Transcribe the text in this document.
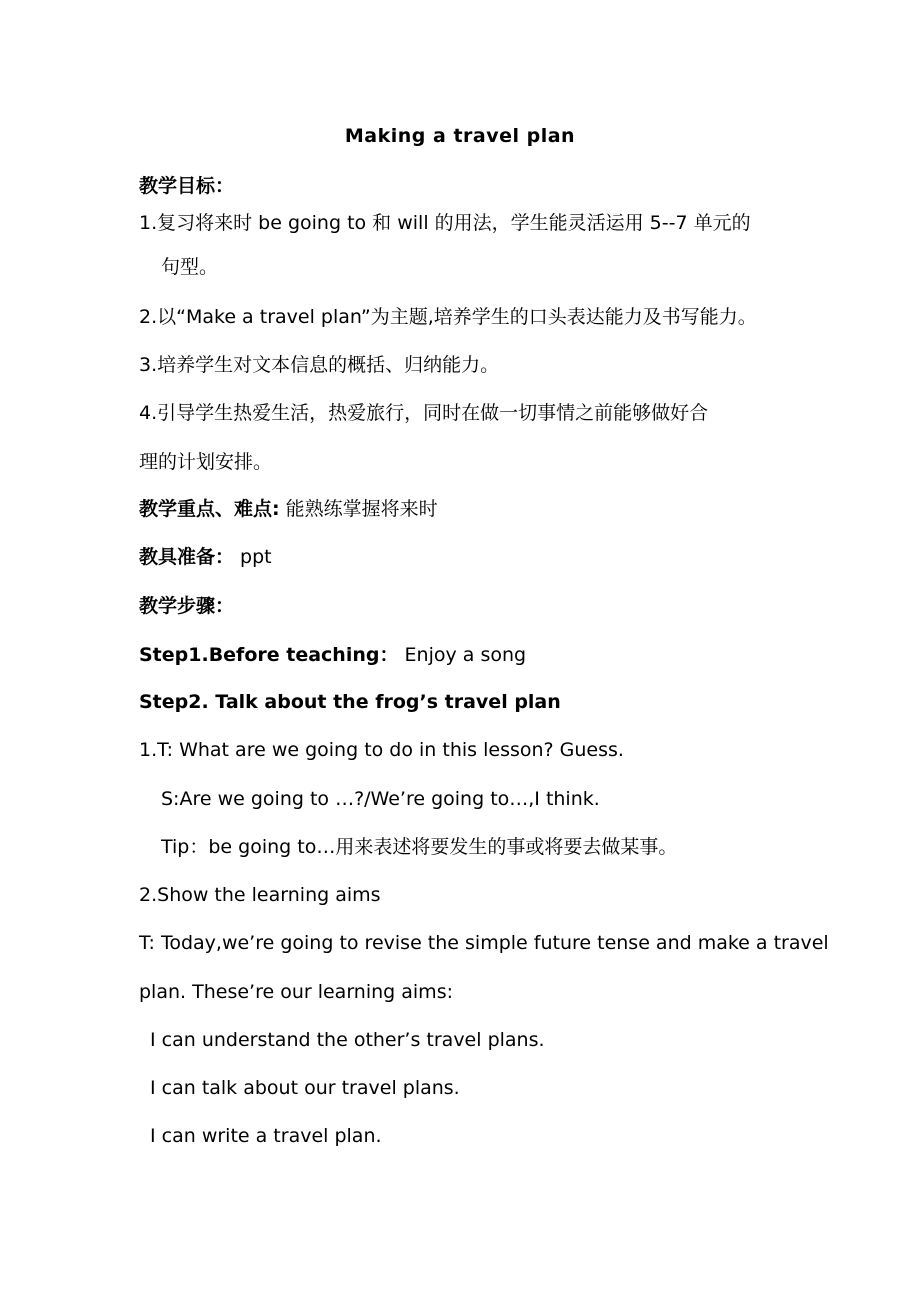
Making a travel plan
教学目标：
1.复习将来时 be going to 和 will 的用法，学生能灵活运用 5--7 单元的
句型。
2.以“Make a travel plan”为主题,培养学生的口头表达能力及书写能力。
3.培养学生对文本信息的概括、归纳能力。
4.引导学生热爱生活，热爱旅行，同时在做一切事情之前能够做好合
理的计划安排。
教学重点、难点: 能熟练掌握将来时
教具准备： ppt
教学步骤：
Step1.Before teaching： Enjoy a song
Step2. Talk about the frog’s travel plan
1.T: What are we going to do in this lesson? Guess.
S:Are we going to …?/We’re going to…,I think.
Tip：be going to…用来表述将要发生的事或将要去做某事。
2.Show the learning aims
T: Today,we’re going to revise the simple future tense and make a travel
plan. These’re our learning aims:
I can understand the other’s travel plans.
I can talk about our travel plans.
I can write a travel plan.
